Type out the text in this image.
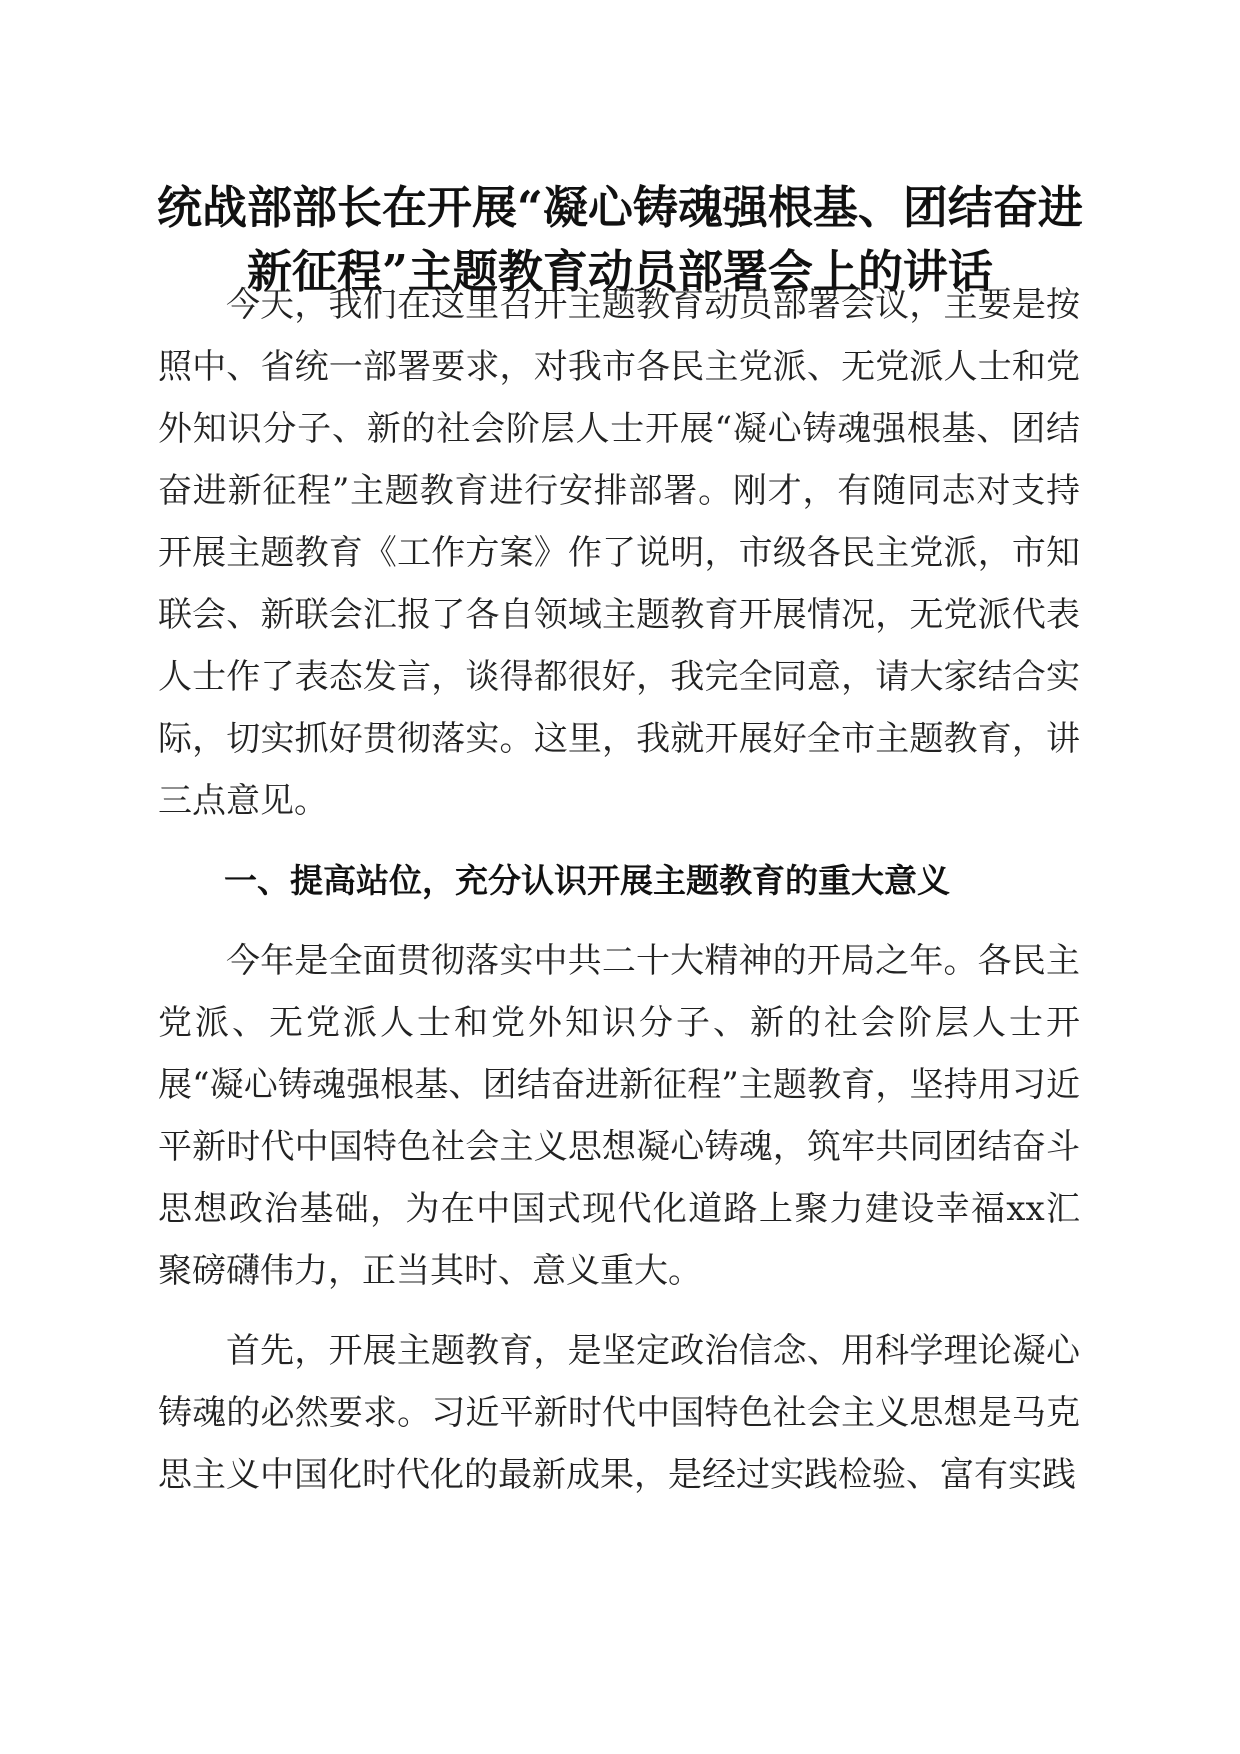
统战部部长在开展“凝心铸魂强根基、团结奋进新征程”主题教育动员部署会上的讲话

今天，我们在这里召开主题教育动员部署会议，主要是按照中、省统一部署要求，对我市各民主党派、无党派人士和党外知识分子、新的社会阶层人士开展“凝心铸魂强根基、团结奋进新征程”主题教育进行安排部署。刚才，有随同志对支持开展主题教育《工作方案》作了说明，市级各民主党派，市知联会、新联会汇报了各自领域主题教育开展情况，无党派代表人士作了表态发言，谈得都很好，我完全同意，请大家结合实际，切实抓好贯彻落实。这里，我就开展好全市主题教育，讲三点意见。

一、提高站位，充分认识开展主题教育的重大意义

今年是全面贯彻落实中共二十大精神的开局之年。各民主党派、无党派人士和党外知识分子、新的社会阶层人士开展“凝心铸魂强根基、团结奋进新征程”主题教育，坚持用习近平新时代中国特色社会主义思想凝心铸魂，筑牢共同团结奋斗思想政治基础，为在中国式现代化道路上聚力建设幸福xx汇聚磅礴伟力，正当其时、意义重大。

首先，开展主题教育，是坚定政治信念、用科学理论凝心铸魂的必然要求。习近平新时代中国特色社会主义思想是马克思主义中国化时代化的最新成果，是经过实践检验、富有实践
